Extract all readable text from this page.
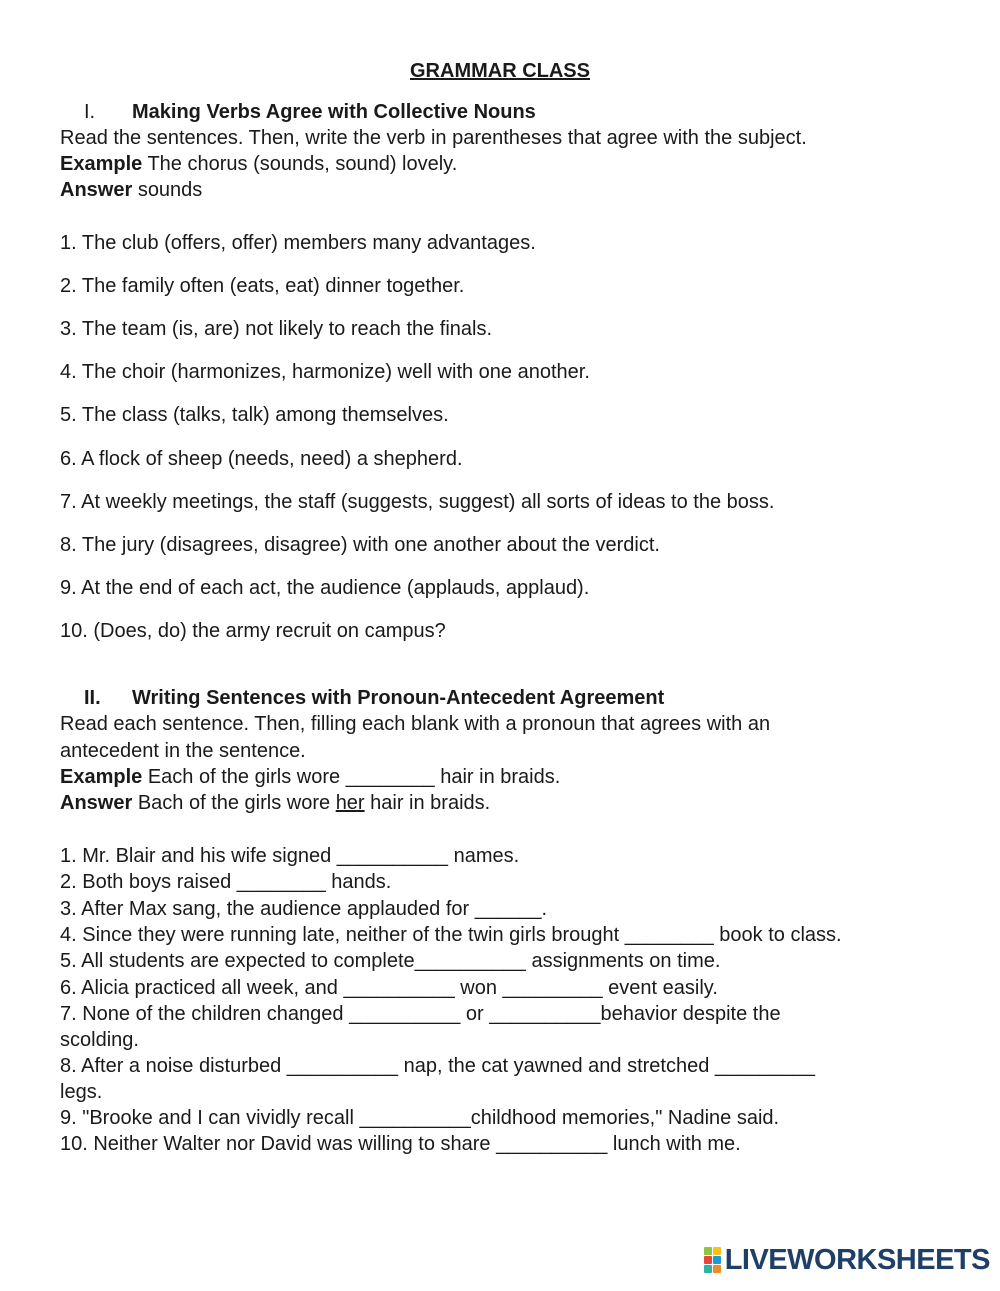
GRAMMAR CLASS
I. Making Verbs Agree with Collective Nouns
Read the sentences. Then, write the verb in parentheses that agree with the subject.
Example The chorus (sounds, sound) lovely.
Answer sounds
1. The club (offers, offer) members many advantages.
2. The family often (eats, eat) dinner together.
3. The team (is, are) not likely to reach the finals.
4. The choir (harmonizes, harmonize) well with one another.
5. The class (talks, talk) among themselves.
6. A flock of sheep (needs, need) a shepherd.
7. At weekly meetings, the staff (suggests, suggest) all sorts of ideas to the boss.
8. The jury (disagrees, disagree) with one another about the verdict.
9. At the end of each act, the audience (applauds, applaud).
10. (Does, do) the army recruit on campus?
II. Writing Sentences with Pronoun-Antecedent Agreement
Read each sentence. Then, filling each blank with a pronoun that agrees with an
antecedent in the sentence.
Example Each of the girls wore ________ hair in braids.
Answer Bach of the girls wore her hair in braids.
1. Mr. Blair and his wife signed __________ names.
2. Both boys raised ________ hands.
3. After Max sang, the audience applauded for ______.
4. Since they were running late, neither of the twin girls brought ________ book to class.
5. All students are expected to complete__________ assignments on time.
6. Alicia practiced all week, and __________ won _________ event easily.
7. None of the children changed __________ or __________behavior despite the
scolding.
8. After a noise disturbed __________ nap, the cat yawned and stretched _________
legs.
9. "Brooke and I can vividly recall __________childhood memories," Nadine said.
10. Neither Walter nor David was willing to share __________ lunch with me.
LIVEWORKSHEETS
